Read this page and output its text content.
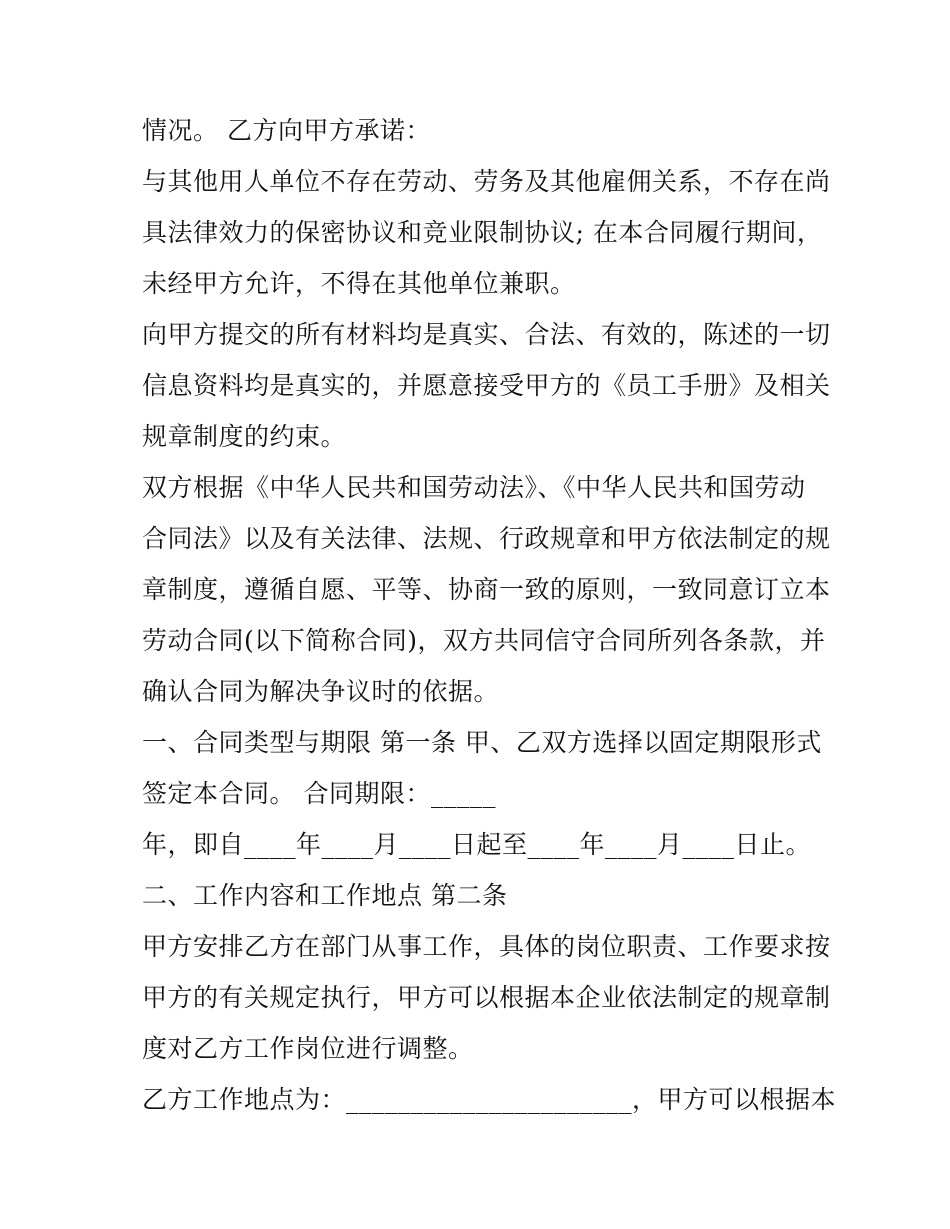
情况。 乙方向甲方承诺：
与其他用人单位不存在劳动、劳务及其他雇佣关系，不存在尚
具法律效力的保密协议和竞业限制协议; 在本合同履行期间，
未经甲方允许，不得在其他单位兼职。
向甲方提交的所有材料均是真实、合法、有效的，陈述的一切
信息资料均是真实的，并愿意接受甲方的《员工手册》及相关
规章制度的约束。
双方根据《中华人民共和国劳动法》、《中华人民共和国劳动
合同法》以及有关法律、法规、行政规章和甲方依法制定的规
章制度，遵循自愿、平等、协商一致的原则，一致同意订立本
劳动合同(以下简称合同)，双方共同信守合同所列各条款，并
确认合同为解决争议时的依据。
一、合同类型与期限 第一条 甲、乙双方选择以固定期限形式
签定本合同。 合同期限：_____
年，即自____年____月____日起至____年____月____日止。
二、工作内容和工作地点 第二条
甲方安排乙方在部门从事工作，具体的岗位职责、工作要求按
甲方的有关规定执行，甲方可以根据本企业依法制定的规章制
度对乙方工作岗位进行调整。
乙方工作地点为：______________________，甲方可以根据本
